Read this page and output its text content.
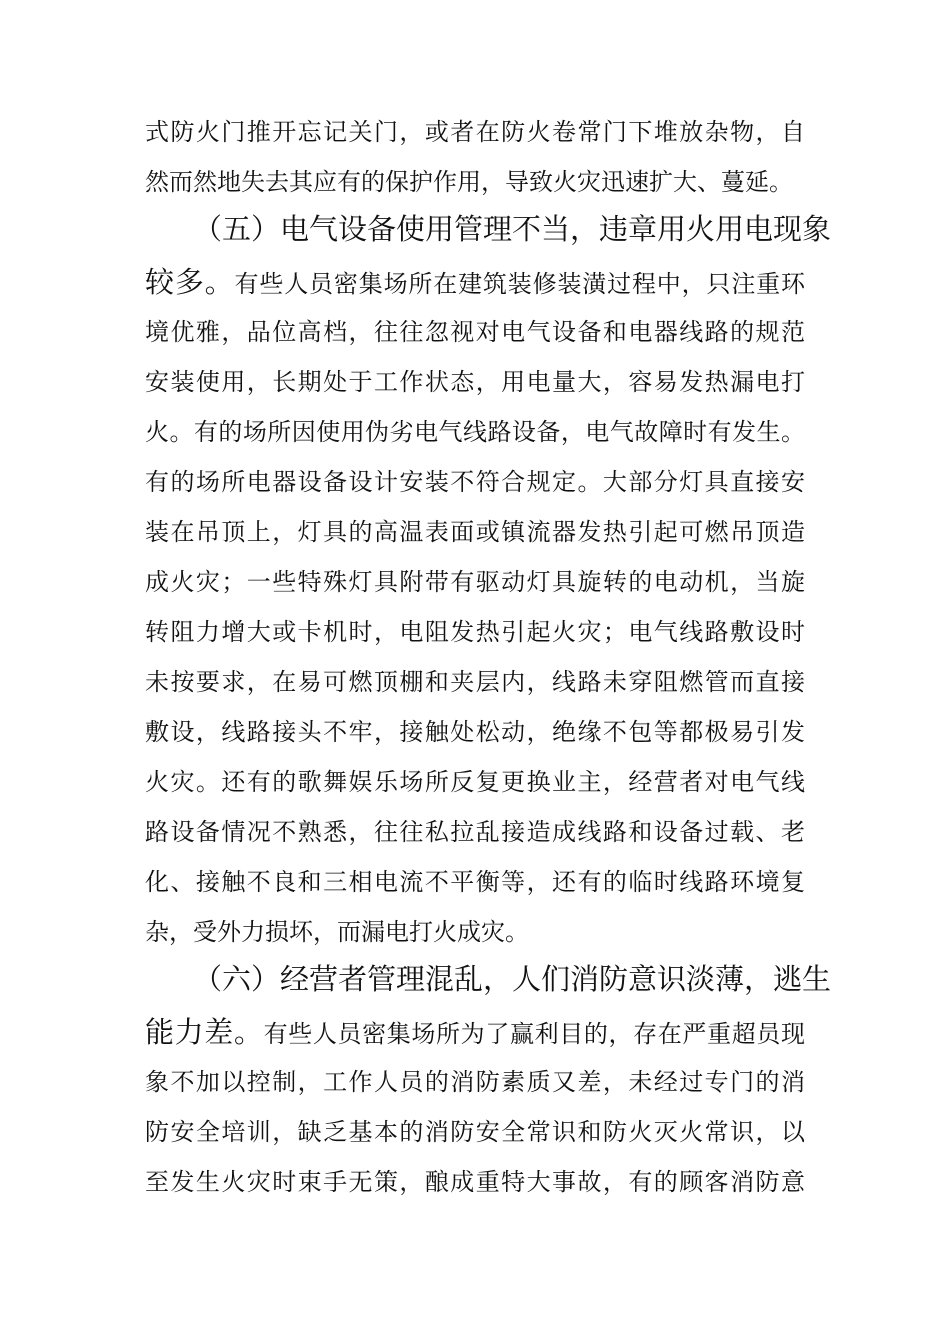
式防火门推开忘记关门，或者在防火卷常门下堆放杂物，自
然而然地失去其应有的保护作用，导致火灾迅速扩大、蔓延。
（五）电气设备使用管理不当，违章用火用电现象
较多。有些人员密集场所在建筑装修装潢过程中，只注重环
境优雅，品位高档，往往忽视对电气设备和电器线路的规范
安装使用，长期处于工作状态，用电量大，容易发热漏电打
火。有的场所因使用伪劣电气线路设备，电气故障时有发生。
有的场所电器设备设计安装不符合规定。大部分灯具直接安
装在吊顶上，灯具的高温表面或镇流器发热引起可燃吊顶造
成火灾；一些特殊灯具附带有驱动灯具旋转的电动机，当旋
转阻力增大或卡机时，电阻发热引起火灾；电气线路敷设时
未按要求，在易可燃顶棚和夹层内，线路未穿阻燃管而直接
敷设，线路接头不牢，接触处松动，绝缘不包等都极易引发
火灾。还有的歌舞娱乐场所反复更换业主，经营者对电气线
路设备情况不熟悉，往往私拉乱接造成线路和设备过载、老
化、接触不良和三相电流不平衡等，还有的临时线路环境复
杂，受外力损坏，而漏电打火成灾。
（六）经营者管理混乱，人们消防意识淡薄，逃生
能力差。有些人员密集场所为了赢利目的，存在严重超员现
象不加以控制，工作人员的消防素质又差，未经过专门的消
防安全培训，缺乏基本的消防安全常识和防火灭火常识，以
至发生火灾时束手无策，酿成重特大事故，有的顾客消防意
